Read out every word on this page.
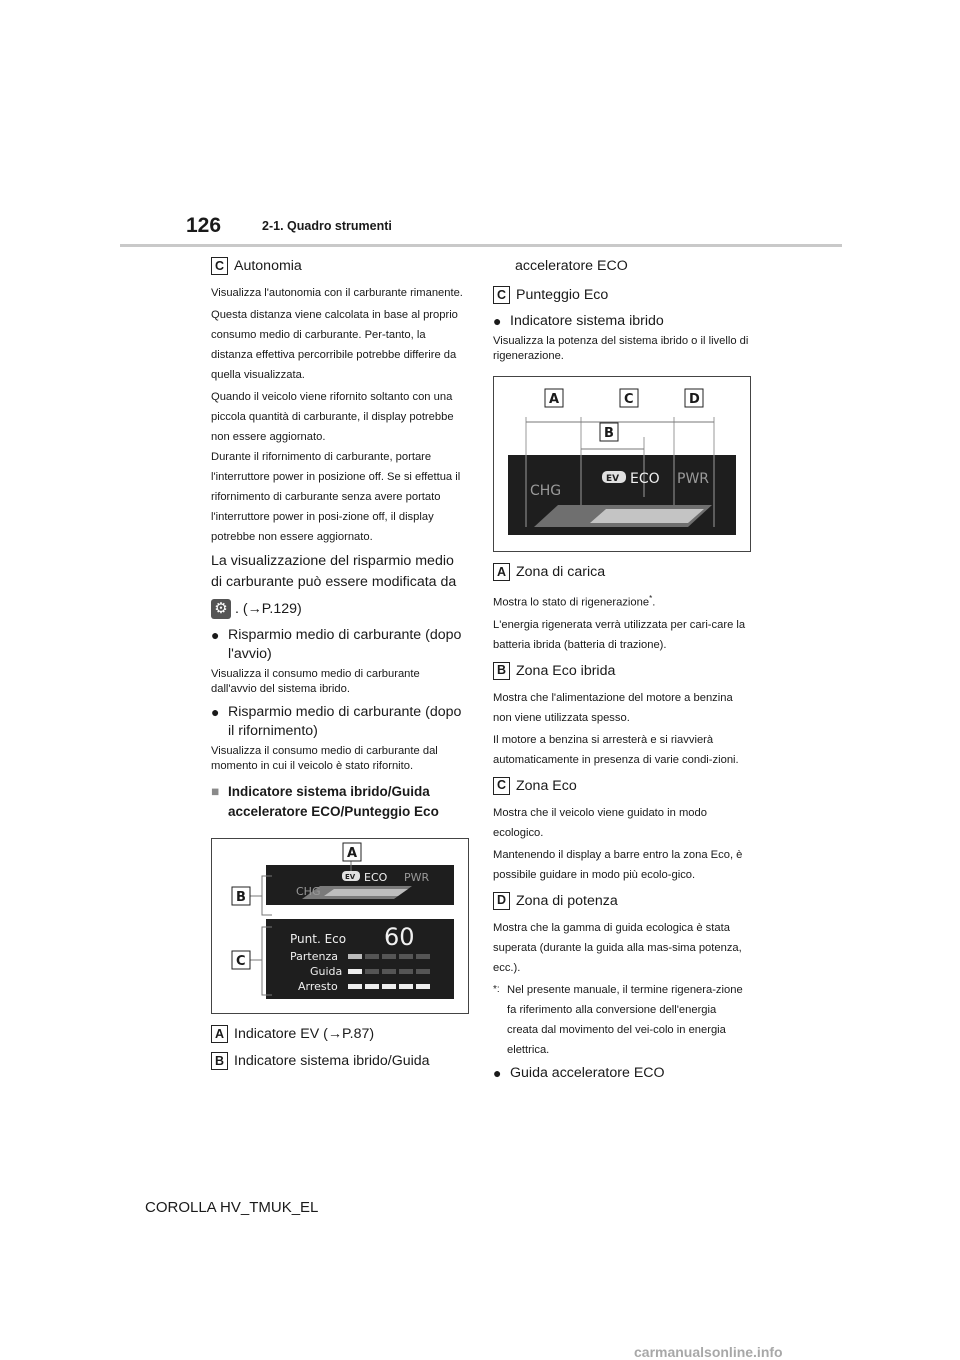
126	2-1. Quadro strumenti
C Autonomia

Visualizza l'autonomia con il carburante rimanente.

Questa distanza viene calcolata in base al proprio consumo medio di carburante. Per-tanto, la distanza effettiva percorribile potrebbe differire da quella visualizzata.

Quando il veicolo viene rifornito soltanto con una piccola quantità di carburante, il display potrebbe non essere aggiornato.

Durante il rifornimento di carburante, portare l'interruttore power in posizione off. Se si effettua il rifornimento di carburante senza avere portato l'interruttore power in posi-zione off, il display potrebbe non essere aggiornato.

La visualizzazione del risparmio medio di carburante può essere modificata da

⚙. (→P.129)

● Risparmio medio di carburante (dopo l'avvio)

Visualizza il consumo medio di carburante dall'avvio del sistema ibrido.

● Risparmio medio di carburante (dopo il rifornimento)

Visualizza il consumo medio di carburante dal momento in cui il veicolo è stato rifornito.

■ Indicatore sistema ibrido/Guida acceleratore ECO/Punteggio Eco
CHG
EV ECO PWR
Punt. Eco 60
Partenza
Guida
Arresto
A
B
C
A Indicatore EV (→P.87)
B Indicatore sistema ibrido/Guida

acceleratore ECO

C Punteggio Eco
● Indicatore sistema ibrido

Visualizza la potenza del sistema ibrido o il livello di rigenerazione.

CHG
EV ECO PWR
A	C	D
B
A Zona di carica

Mostra lo stato di rigenerazione*.

L'energia rigenerata verrà utilizzata per cari-care la batteria ibrida (batteria di trazione).

B Zona Eco ibrida

Mostra che l'alimentazione del motore a benzina non viene utilizzata spesso.

Il motore a benzina si arresterà e si riavvierà automaticamente in presenza di varie condi-zioni.

C Zona Eco

Mostra che il veicolo viene guidato in modo ecologico.

Mantenendo il display a barre entro la zona Eco, è possibile guidare in modo più ecolo-gico.

D Zona di potenza

Mostra che la gamma di guida ecologica è stata superata (durante la guida alla mas-sima potenza, ecc.).

*: Nel presente manuale, il termine rigenera-zione fa riferimento alla conversione dell'energia creata dal movimento del vei-colo in energia elettrica.
● Guida acceleratore ECO
COROLLA HV_TMUK_EL
carmanualsonline.info
